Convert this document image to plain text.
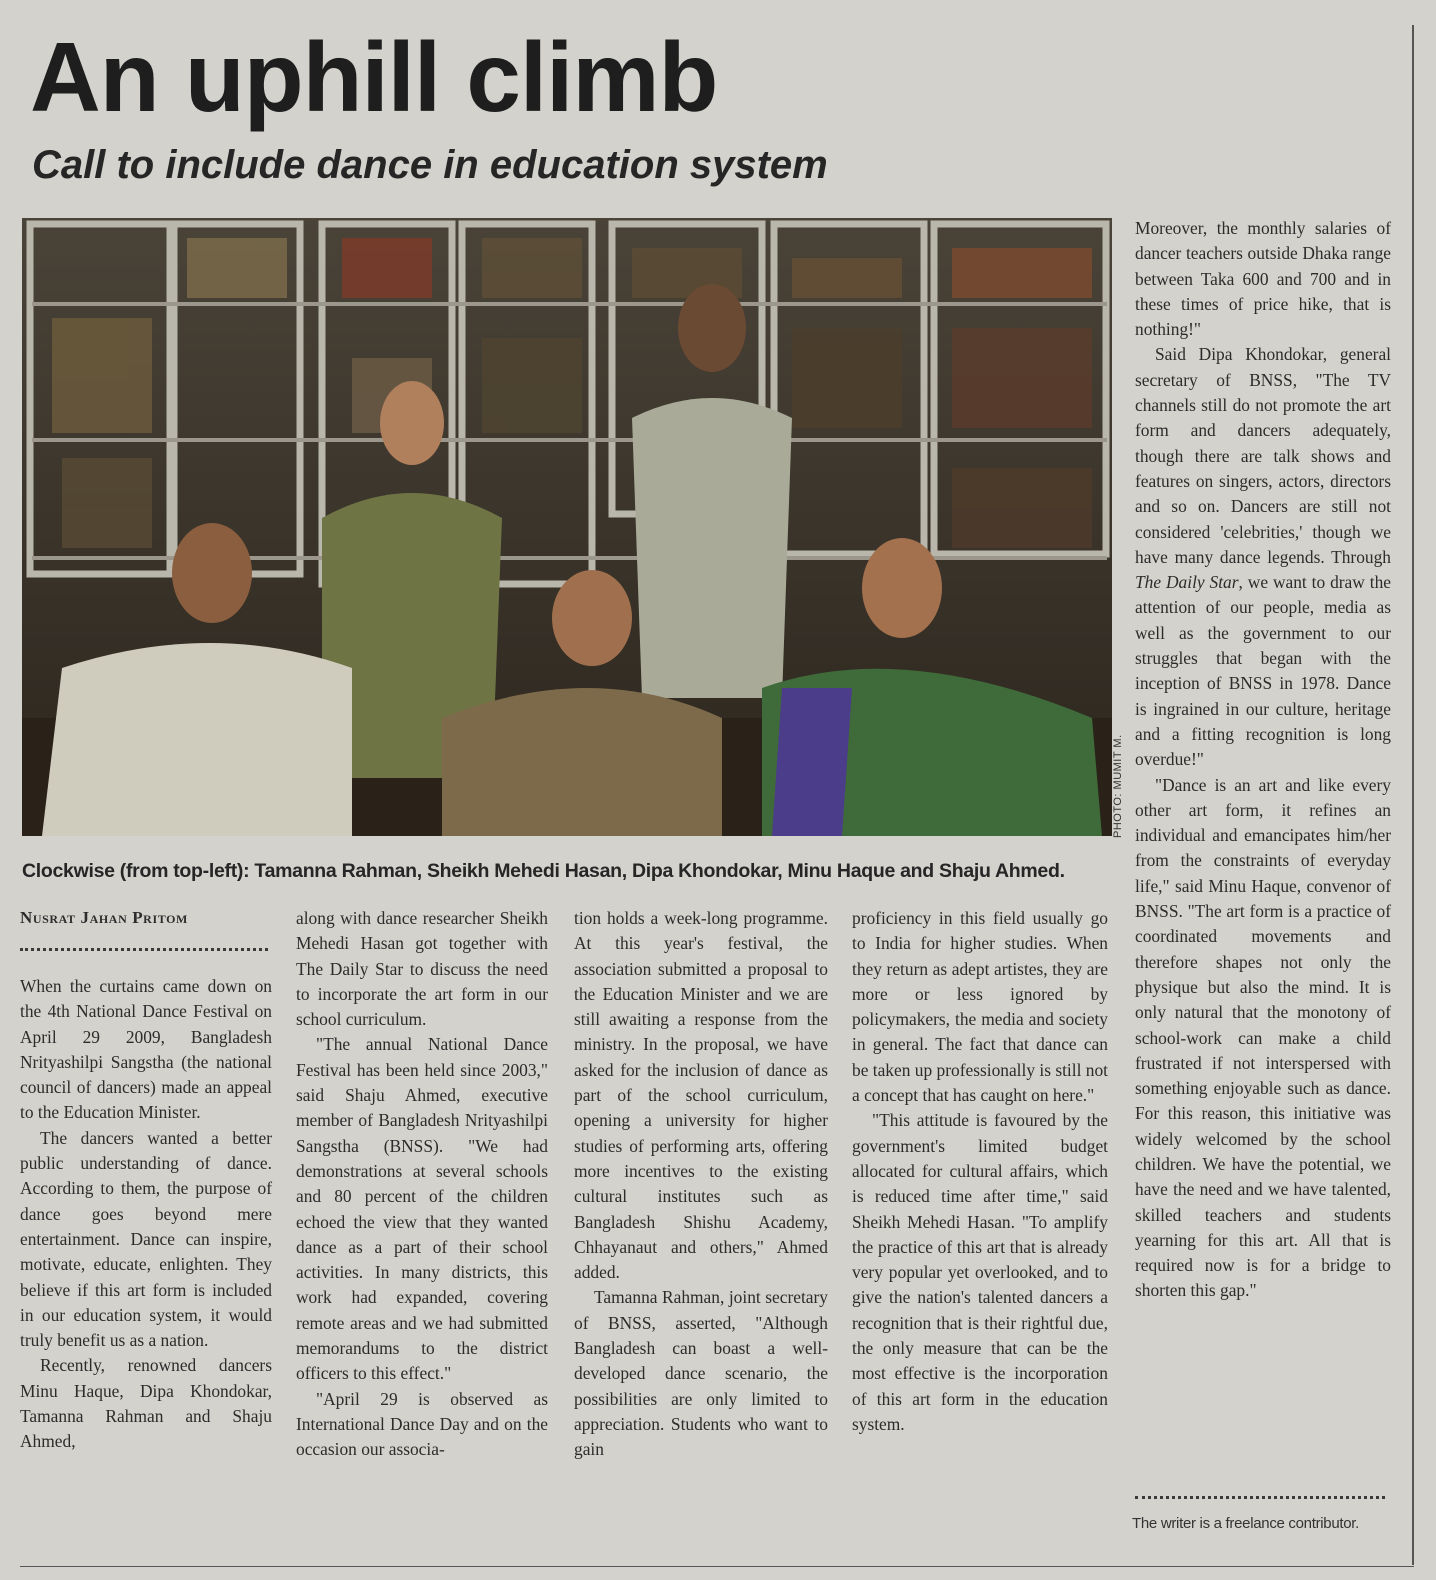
An uphill climb
Call to include dance in education system
PHOTO: MUMIT M.
Clockwise (from top-left): Tamanna Rahman, Sheikh Mehedi Hasan, Dipa Khondokar, Minu Haque and Shaju Ahmed.
Nusrat Jahan Pritom

When the curtains came down on the 4th National Dance Festival on April 29 2009, Bangladesh Nrityashilpi Sangstha (the national council of dancers) made an appeal to the Education Minister.

The dancers wanted a better public understanding of dance. According to them, the purpose of dance goes beyond mere entertainment. Dance can inspire, motivate, educate, enlighten. They believe if this art form is included in our education system, it would truly benefit us as a nation.

Recently, renowned dancers Minu Haque, Dipa Khondokar, Tamanna Rahman and Shaju Ahmed,

along with dance researcher Sheikh Mehedi Hasan got together with The Daily Star to discuss the need to incorporate the art form in our school curriculum.

"The annual National Dance Festival has been held since 2003," said Shaju Ahmed, executive member of Bangladesh Nrityashilpi Sangstha (BNSS). "We had demonstrations at several schools and 80 percent of the children echoed the view that they wanted dance as a part of their school activities. In many districts, this work had expanded, covering remote areas and we had submitted memorandums to the district officers to this effect."

"April 29 is observed as International Dance Day and on the occasion our associa-

tion holds a week-long programme. At this year's festival, the association submitted a proposal to the Education Minister and we are still awaiting a response from the ministry. In the proposal, we have asked for the inclusion of dance as part of the school curriculum, opening a university for higher studies of performing arts, offering more incentives to the existing cultural institutes such as Bangladesh Shishu Academy, Chhayanaut and others," Ahmed added.

Tamanna Rahman, joint secretary of BNSS, asserted, "Although Bangladesh can boast a well-developed dance scenario, the possibilities are only limited to appreciation. Students who want to gain

proficiency in this field usually go to India for higher studies. When they return as adept artistes, they are more or less ignored by policymakers, the media and society in general. The fact that dance can be taken up professionally is still not a concept that has caught on here."

"This attitude is favoured by the government's limited budget allocated for cultural affairs, which is reduced time after time," said Sheikh Mehedi Hasan. "To amplify the practice of this art that is already very popular yet overlooked, and to give the nation's talented dancers a recognition that is their rightful due, the only measure that can be the most effective is the incorporation of this art form in the education system.

Moreover, the monthly salaries of dancer teachers outside Dhaka range between Taka 600 and 700 and in these times of price hike, that is nothing!"

Said Dipa Khondokar, general secretary of BNSS, "The TV channels still do not promote the art form and dancers adequately, though there are talk shows and features on singers, actors, directors and so on. Dancers are still not considered 'celebrities,' though we have many dance legends. Through The Daily Star, we want to draw the attention of our people, media as well as the government to our struggles that began with the inception of BNSS in 1978. Dance is ingrained in our culture, heritage and a fitting recognition is long overdue!"

"Dance is an art and like every other art form, it refines an individual and emancipates him/her from the constraints of everyday life," said Minu Haque, convenor of BNSS. "The art form is a practice of coordinated movements and therefore shapes not only the physique but also the mind. It is only natural that the monotony of school-work can make a child frustrated if not interspersed with something enjoyable such as dance. For this reason, this initiative was widely welcomed by the school children. We have the potential, we have the need and we have talented, skilled teachers and students yearning for this art. All that is required now is for a bridge to shorten this gap."

The writer is a freelance contributor.
